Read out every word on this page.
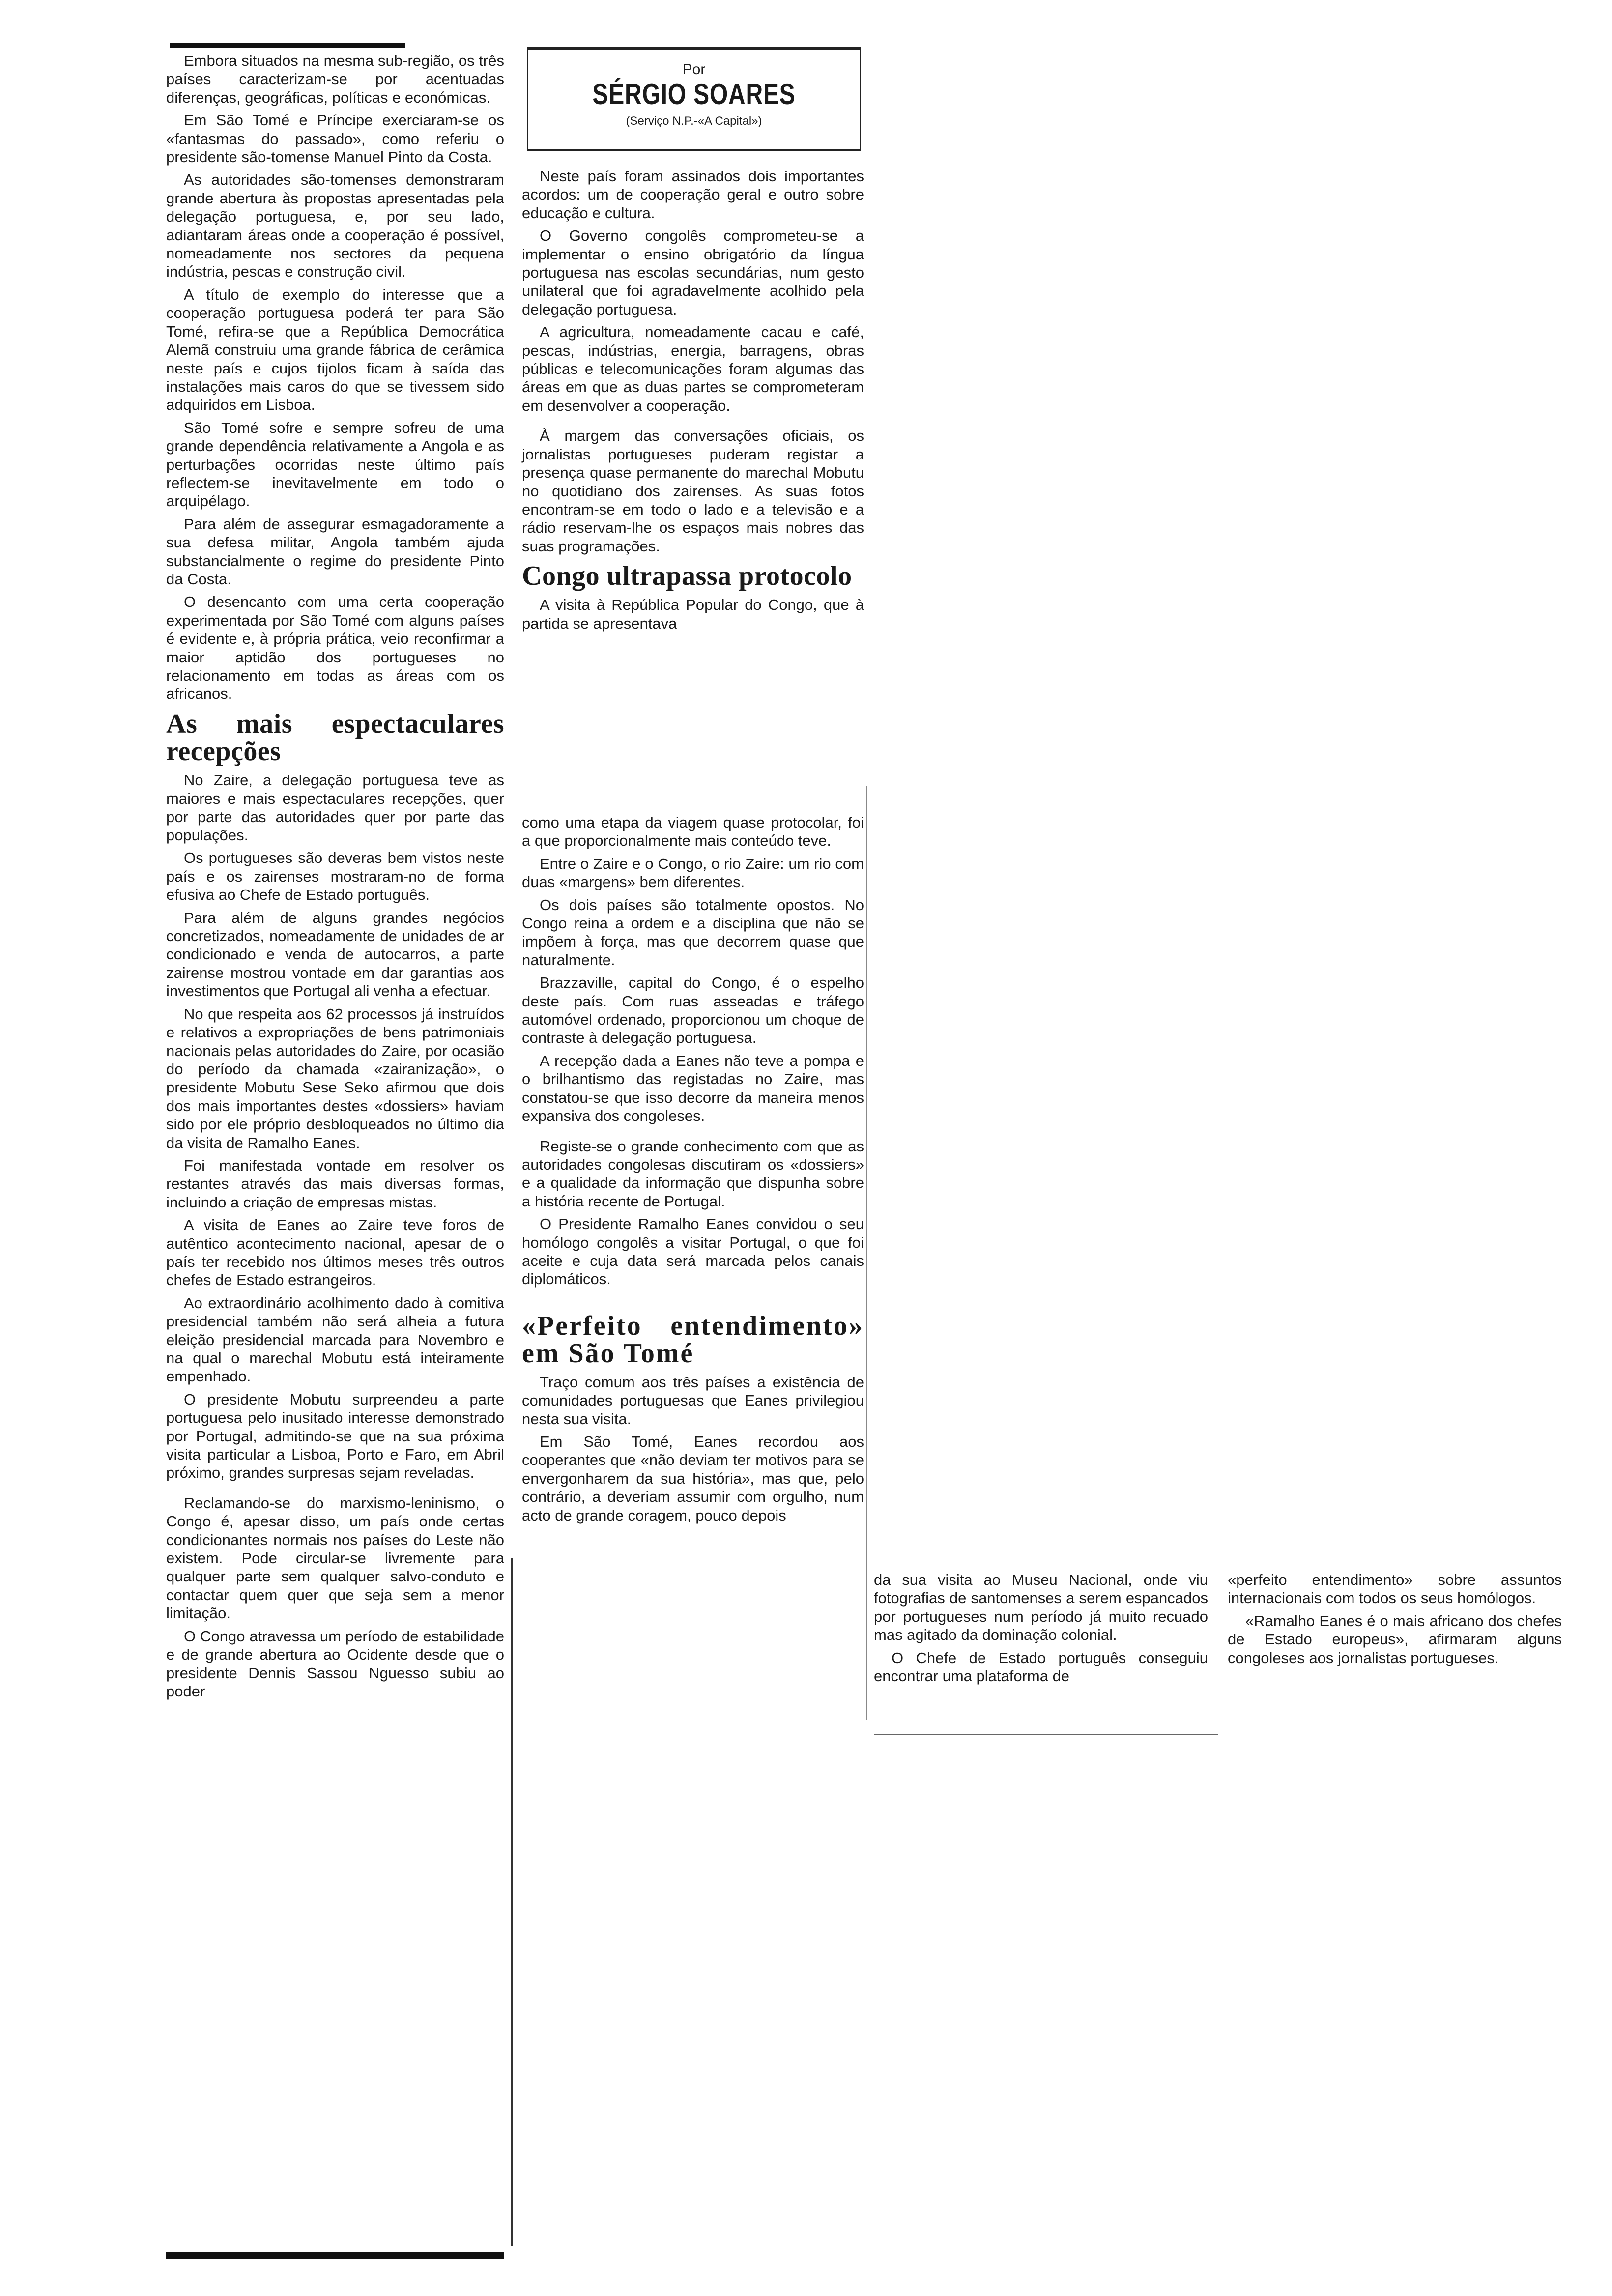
Por
SÉRGIO SOARES
(Serviço N.P.-«A Capital»)

Embora situados na mesma sub-região, os três países caracterizam-se por acentuadas diferenças, geográficas, políticas e económicas.

Em São Tomé e Príncipe exerciaram-se os «fantasmas do passado», como referiu o presidente são-tomense Manuel Pinto da Costa.

As autoridades são-tomenses demonstraram grande abertura às propostas apresentadas pela delegação portuguesa, e, por seu lado, adiantaram áreas onde a cooperação é possível, nomeadamente nos sectores da pequena indústria, pescas e construção civil.

A título de exemplo do interesse que a cooperação portuguesa poderá ter para São Tomé, refira-se que a República Democrática Alemã construiu uma grande fábrica de cerâmica neste país e cujos tijolos ficam à saída das instalações mais caros do que se tivessem sido adquiridos em Lisboa.

São Tomé sofre e sempre sofreu de uma grande dependência relativamente a Angola e as perturbações ocorridas neste último país reflectem-se inevitavelmente em todo o arquipélago.

Para além de assegurar esmagadoramente a sua defesa militar, Angola também ajuda substancialmente o regime do presidente Pinto da Costa.

O desencanto com uma certa cooperação experimentada por São Tomé com alguns países é evidente e, à própria prática, veio reconfirmar a maior aptidão dos portugueses no relacionamento em todas as áreas com os africanos.

As mais espectaculares recepções

No Zaire, a delegação portuguesa teve as maiores e mais espectaculares recepções, quer por parte das autoridades quer por parte das populações.

Os portugueses são deveras bem vistos neste país e os zairenses mostraram-no de forma efusiva ao Chefe de Estado português.

Para além de alguns grandes negócios concretizados, nomeadamente de unidades de ar condicionado e venda de autocarros, a parte zairense mostrou vontade em dar garantias aos investimentos que Portugal ali venha a efectuar.

No que respeita aos 62 processos já instruídos e relativos a expropriações de bens patrimoniais nacionais pelas autoridades do Zaire, por ocasião do período da chamada «zairanização», o presidente Mobutu Sese Seko afirmou que dois dos mais importantes destes «dossiers» haviam sido por ele próprio desbloqueados no último dia da visita de Ramalho Eanes.

Foi manifestada vontade em resolver os restantes através das mais diversas formas, incluindo a criação de empresas mistas.

A visita de Eanes ao Zaire teve foros de autêntico acontecimento nacional, apesar de o país ter recebido nos últimos meses três outros chefes de Estado estrangeiros.

Ao extraordinário acolhimento dado à comitiva presidencial também não será alheia a futura eleição presidencial marcada para Novembro e na qual o marechal Mobutu está inteiramente empenhado.

O presidente Mobutu surpreendeu a parte portuguesa pelo inusitado interesse demonstrado por Portugal, admitindo-se que na sua próxima visita particular a Lisboa, Porto e Faro, em Abril próximo, grandes surpresas sejam reveladas.

Reclamando-se do marxismo-leninismo, o Congo é, apesar disso, um país onde certas condicionantes normais nos países do Leste não existem. Pode circular-se livremente para qualquer parte sem qualquer salvo-conduto e contactar quem quer que seja sem a menor limitação.

O Congo atravessa um período de estabilidade e de grande abertura ao Ocidente desde que o presidente Dennis Sassou Nguesso subiu ao poder

Neste país foram assinados dois importantes acordos: um de cooperação geral e outro sobre educação e cultura.

O Governo congolês comprometeu-se a implementar o ensino obrigatório da língua portuguesa nas escolas secundárias, num gesto unilateral que foi agradavelmente acolhido pela delegação portuguesa.

A agricultura, nomeadamente cacau e café, pescas, indústrias, energia, barragens, obras públicas e telecomunicações foram algumas das áreas em que as duas partes se comprometeram em desenvolver a cooperação.

À margem das conversações oficiais, os jornalistas portugueses puderam registar a presença quase permanente do marechal Mobutu no quotidiano dos zairenses. As suas fotos encontram-se em todo o lado e a televisão e a rádio reservam-lhe os espaços mais nobres das suas programações.

Congo ultrapassa protocolo

A visita à República Popular do Congo, que à partida se apresentava

como uma etapa da viagem quase protocolar, foi a que proporcionalmente mais conteúdo teve.

Entre o Zaire e o Congo, o rio Zaire: um rio com duas «margens» bem diferentes.

Os dois países são totalmente opostos. No Congo reina a ordem e a disciplina que não se impõem à força, mas que decorrem quase que naturalmente.

Brazzaville, capital do Congo, é o espelho deste país. Com ruas asseadas e tráfego automóvel ordenado, proporcionou um choque de contraste à delegação portuguesa.

A recepção dada a Eanes não teve a pompa e o brilhantismo das registadas no Zaire, mas constatou-se que isso decorre da maneira menos expansiva dos congoleses.

Registe-se o grande conhecimento com que as autoridades congolesas discutiram os «dossiers» e a qualidade da informação que dispunha sobre a história recente de Portugal.

O Presidente Ramalho Eanes convidou o seu homólogo congolês a visitar Portugal, o que foi aceite e cuja data será marcada pelos canais diplomáticos.

«Perfeito entendimento» em São Tomé

Traço comum aos três países a existência de comunidades portuguesas que Eanes privilegiou nesta sua visita.

Em São Tomé, Eanes recordou aos cooperantes que «não deviam ter motivos para se envergonharem da sua história», mas que, pelo contrário, a deveriam assumir com orgulho, num acto de grande coragem, pouco depois

da sua visita ao Museu Nacional, onde viu fotografias de santomenses a serem espancados por portugueses num período já muito recuado mas agitado da dominação colonial.

O Chefe de Estado português conseguiu encontrar uma plataforma de

«perfeito entendimento» sobre assuntos internacionais com todos os seus homólogos.

«Ramalho Eanes é o mais africano dos chefes de Estado europeus», afirmaram alguns congoleses aos jornalistas portugueses.
